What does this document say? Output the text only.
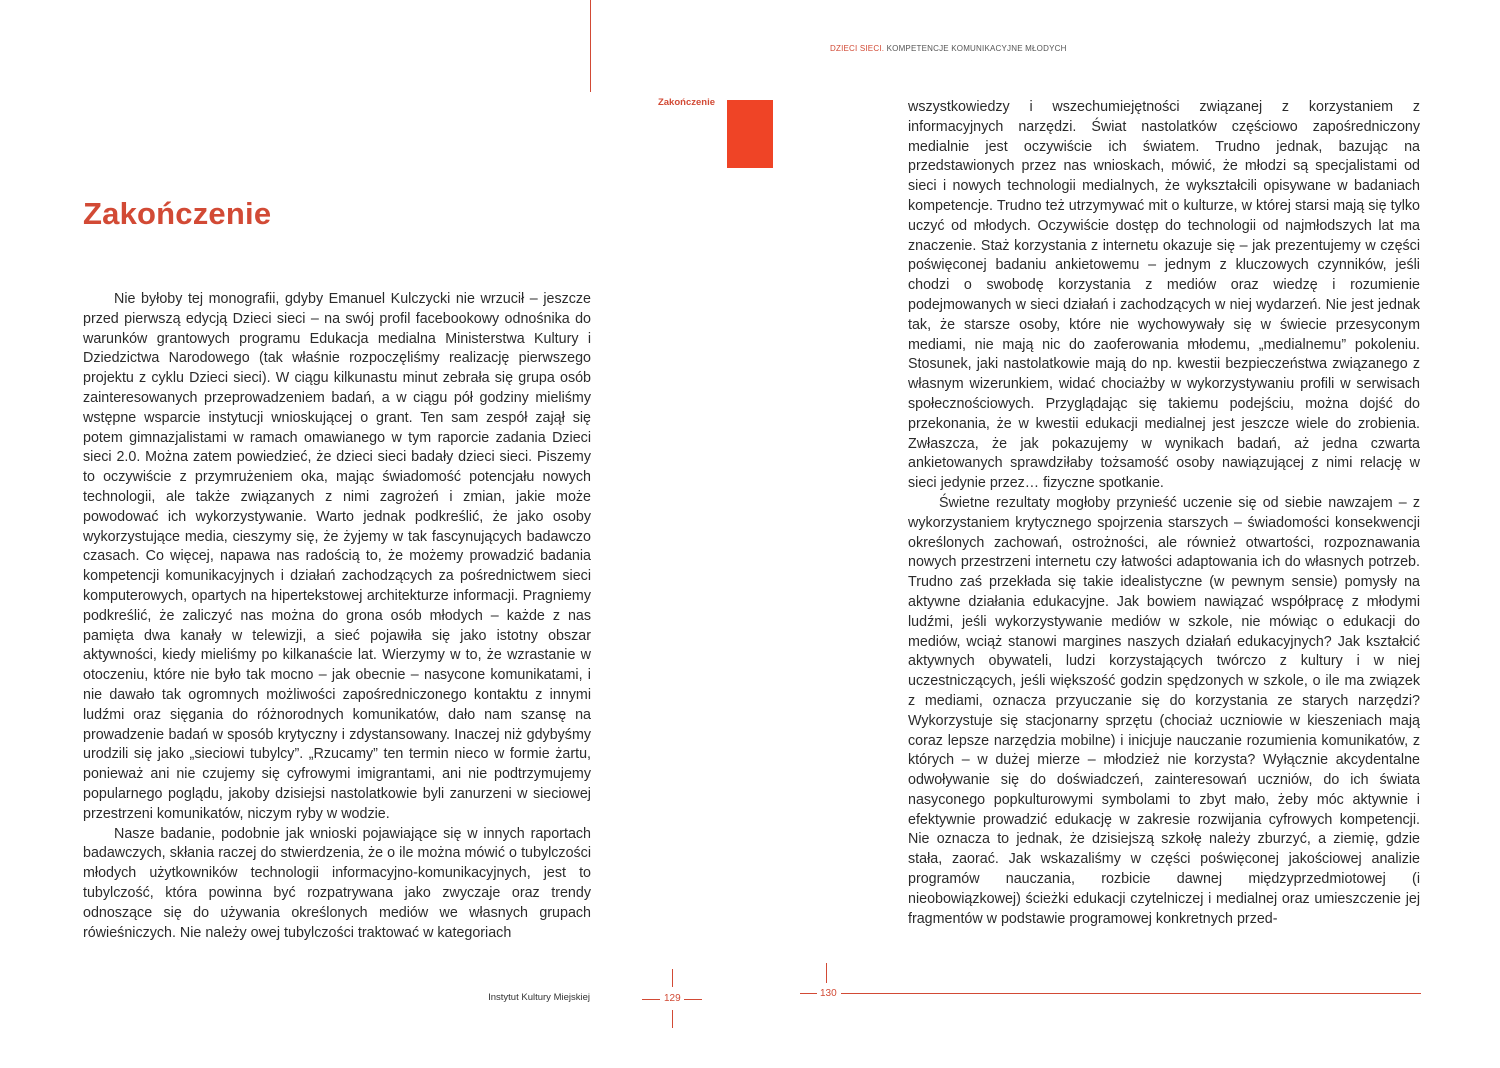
Zakończenie

Nie byłoby tej monografii, gdyby Emanuel Kulczycki nie wrzucił – jeszcze przed pierwszą edycją Dzieci sieci – na swój profil facebookowy odnośnika do warunków grantowych programu Edukacja medialna Ministerstwa Kultury i Dziedzictwa Narodowego (tak właśnie rozpoczęliśmy realizację pierwszego projektu z cyklu Dzieci sieci). W ciągu kilkunastu minut zebrała się grupa osób zainteresowanych przeprowadzeniem badań, a w ciągu pół godziny mieliśmy wstępne wsparcie instytucji wnioskującej o grant. Ten sam zespół zajął się potem gimnazjalistami w ramach omawianego w tym raporcie zadania Dzieci sieci 2.0. Można zatem powiedzieć, że dzieci sieci badały dzieci sieci. Piszemy to oczywiście z przymrużeniem oka, mając świadomość potencjału nowych technologii, ale także związanych z nimi zagrożeń i zmian, jakie może powodować ich wykorzystywanie. Warto jednak podkreślić, że jako osoby wykorzystujące media, cieszymy się, że żyjemy w tak fascynujących badawczo czasach. Co więcej, napawa nas radością to, że możemy prowadzić badania kompetencji komunikacyjnych i działań zachodzących za pośrednictwem sieci komputerowych, opartych na hipertekstowej architekturze informacji. Pragniemy podkreślić, że zaliczyć nas można do grona osób młodych – każde z nas pamięta dwa kanały w telewizji, a sieć pojawiła się jako istotny obszar aktywności, kiedy mieliśmy po kilkanaście lat. Wierzymy w to, że wzrastanie w otoczeniu, które nie było tak mocno – jak obecnie – nasycone komunikatami, i nie dawało tak ogromnych możliwości zapośredniczonego kontaktu z innymi ludźmi oraz sięgania do różnorodnych komunikatów, dało nam szansę na prowadzenie badań w sposób krytyczny i zdystansowany. Inaczej niż gdybyśmy urodzili się jako „sieciowi tubylcy”. „Rzucamy” ten termin nieco w formie żartu, ponieważ ani nie czujemy się cyfrowymi imigrantami, ani nie podtrzymujemy popularnego poglądu, jakoby dzisiejsi nastolatkowie byli zanurzeni w sieciowej przestrzeni komunikatów, niczym ryby w wodzie.

Nasze badanie, podobnie jak wnioski pojawiające się w innych raportach badawczych, skłania raczej do stwierdzenia, że o ile można mówić o tubylczości młodych użytkowników technologii informacyjno-komunikacyjnych, jest to tubylczość, która powinna być rozpatrywana jako zwyczaje oraz trendy odnoszące się do używania określonych mediów we własnych grupach rówieśniczych. Nie należy owej tubylczości traktować w kategoriach

Instytut Kultury Miejskiej	129
DZIECI SIECI. KOMPETENCJE KOMUNIKACYJNE MŁODYCH

wszystkowiedzy i wszechumiejętności związanej z korzystaniem z informacyjnych narzędzi. Świat nastolatków częściowo zapośredniczony medialnie jest oczywiście ich światem. Trudno jednak, bazując na przedstawionych przez nas wnioskach, mówić, że młodzi są specjalistami od sieci i nowych technologii medialnych, że wykształcili opisywane w badaniach kompetencje. Trudno też utrzymywać mit o kulturze, w której starsi mają się tylko uczyć od młodych. Oczywiście dostęp do technologii od najmłodszych lat ma znaczenie. Staż korzystania z internetu okazuje się – jak prezentujemy w części poświęconej badaniu ankietowemu – jednym z kluczowych czynników, jeśli chodzi o swobodę korzystania z mediów oraz wiedzę i rozumienie podejmowanych w sieci działań i zachodzących w niej wydarzeń. Nie jest jednak tak, że starsze osoby, które nie wychowywały się w świecie przesyconym mediami, nie mają nic do zaoferowania młodemu, „medialnemu” pokoleniu. Stosunek, jaki nastolatkowie mają do np. kwestii bezpieczeństwa związanego z własnym wizerunkiem, widać chociażby w wykorzystywaniu profili w serwisach społecznościowych. Przyglądając się takiemu podejściu, można dojść do przekonania, że w kwestii edukacji medialnej jest jeszcze wiele do zrobienia. Zwłaszcza, że jak pokazujemy w wynikach badań, aż jedna czwarta ankietowanych sprawdziłaby tożsamość osoby nawiązującej z nimi relację w sieci jedynie przez… fizyczne spotkanie.

Świetne rezultaty mogłoby przynieść uczenie się od siebie nawzajem – z wykorzystaniem krytycznego spojrzenia starszych – świadomości konsekwencji określonych zachowań, ostrożności, ale również otwartości, rozpoznawania nowych przestrzeni internetu czy łatwości adaptowania ich do własnych potrzeb. Trudno zaś przekłada się takie idealistyczne (w pewnym sensie) pomysły na aktywne działania edukacyjne. Jak bowiem nawiązać współpracę z młodymi ludźmi, jeśli wykorzystywanie mediów w szkole, nie mówiąc o edukacji do mediów, wciąż stanowi margines naszych działań edukacyjnych? Jak kształcić aktywnych obywateli, ludzi korzystających twórczo z kultury i w niej uczestniczących, jeśli większość godzin spędzonych w szkole, o ile ma związek z mediami, oznacza przyuczanie się do korzystania ze starych narzędzi? Wykorzystuje się stacjonarny sprzętu (chociaż uczniowie w kieszeniach mają coraz lepsze narzędzia mobilne) i inicjuje nauczanie rozumienia komunikatów, z których – w dużej mierze – młodzież nie korzysta? Wyłącznie akcydentalne odwoływanie się do doświadczeń, zainteresowań uczniów, do ich świata nasyconego popkulturowymi symbolami to zbyt mało, żeby móc aktywnie i efektywnie prowadzić edukację w zakresie rozwijania cyfrowych kompetencji. Nie oznacza to jednak, że dzisiejszą szkołę należy zburzyć, a ziemię, gdzie stała, zaorać. Jak wskazaliśmy w części poświęconej jakościowej analizie programów nauczania, rozbicie dawnej międzyprzedmiotowej (i nieobowiązkowej) ścieżki edukacji czytelniczej i medialnej oraz umieszczenie jej fragmentów w podstawie programowej konkretnych przed-

130
Zakończenie
